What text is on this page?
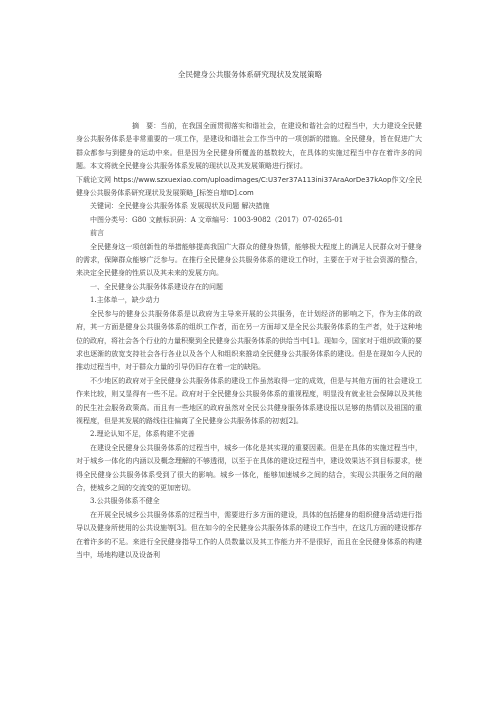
全民健身公共服务体系研究现状及发展策略

摘　要：当前，在我国全面贯彻落实和谐社会，在建设和谐社会的过程当中，大力建设全民健身公共服务体系是非常重要的一项工作，是建设和谐社会工作当中的一项创新的措施。全民健身，旨在促进广大群众都参与到健身的运动中来。但是因为全民健身所覆盖的基数较大，在具体的实施过程当中存在着许多的问题。本文将就全民健身公共服务体系发展的现状以及其发展策略进行探讨。

下载论文网 https://www.szxuexiao.com/uploadimages/C:U37er37A113ini37AraAorDe37kAop作文/全民健身公共服务体系研究现状及发展策略_[标签自增ID].com

关键词：全民健身公共服务体系 发展现状及问题 解决措施

中图分类号：G80 文献标识码：A 文章编号：1003-9082（2017）07-0265-01

前言

全民健身这一项创新性的举措能够提高我国广大群众的健身热情，能够极大程度上的满足人民群众对于健身的需求，保障群众能够广泛参与。在推行全民健身公共服务体系的建设工作时，主要在于对于社会资源的整合，来决定全民健身的性质以及其未来的发展方向。

一、全民健身公共服务体系建设存在的问题

1.主体单一，缺少动力

全民参与的健身公共服务体系是以政府为主导来开展的公共服务，在计划经济的影响之下，作为主体的政府，其一方面是健身公共服务体系的组织工作者，而在另一方面却又是全民公共服务体系的生产者，处于这种地位的政府，将社会各个行业的力量积聚到全民健身公共服务体系的供给当中[1]。现如今，国家对于组织政策的要求也逐渐的放宽支持社会各行各业以及各个人和组织来推动全民健身公共服务体系的建设。但是在现如今人民的推动过程当中，对于群众力量的引导仍旧存在着一定的缺陷。

不少地区的政府对于全民健身公共服务体系的建设工作虽然取得一定的成效，但是与其他方面的社会建设工作来比较，则又显得有一些不足。政府对于全民健身公共服务体系的重视程度，明显没有就业社会保障以及其他的民生社会服务政策高。而且有一些地区的政府虽然对全民公共健身服务体系建设报以足够的热情以及祖国的重视程度，但是其发展的路线往往偏离了全民健身公共服务体系的初衷[2]。

2.理论认知不足，体系构建不完善

在建设全民健身公共服务体系的过程当中，城乡一体化是其实现的重要因素。但是在具体的实施过程当中，对于城乡一体化的内涵以及概念理解的不够透彻，以至于在具体的建设过程当中，建设效果达不到目标要求，使得全民健身公共服务体系受到了很大的影响。城乡一体化，能够加速城乡之间的结合，实现公共服务之间的融合，使城乡之间的交流变的更加密切。

3.公共服务体系不健全

在开展全民城乡公共服务体系的过程当中，需要进行多方面的建设，具体的包括健身的组织健身活动进行指导以及健身所使用的公共设施等[3]。但在如今的全民健身公共服务体系的建设工作当中，在这几方面的建设都存在着许多的不足。来进行全民健身指导工作的人员数量以及其工作能力并不是很好，而且在全民健身体系的构建当中，场地构建以及设备利
